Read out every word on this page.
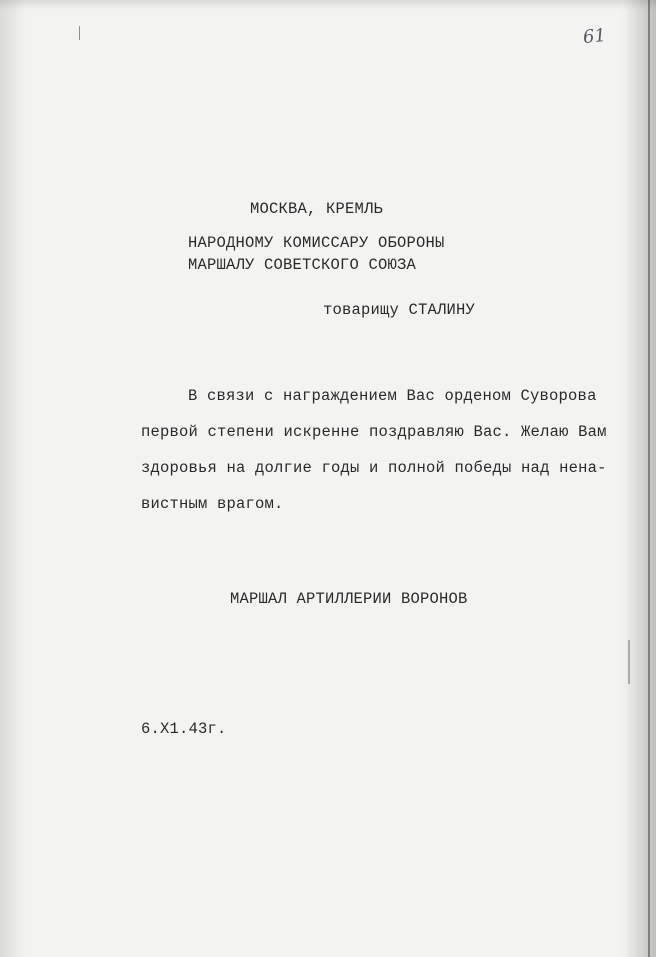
61
МОСКВА, КРЕМЛЬ
НАРОДНОМУ КОМИССАРУ ОБОРОНЫ
МАРШАЛУ СОВЕТСКОГО СОЮЗА
товарищу СТАЛИНУ
В связи с награждением Вас орденом Суворова
первой степени искренне поздравляю Вас. Желаю Вам
здоровья на долгие годы и полной победы над нена-
вистным врагом.
МАРШАЛ АРТИЛЛЕРИИ ВОРОНОВ
6.Х1.43г.
